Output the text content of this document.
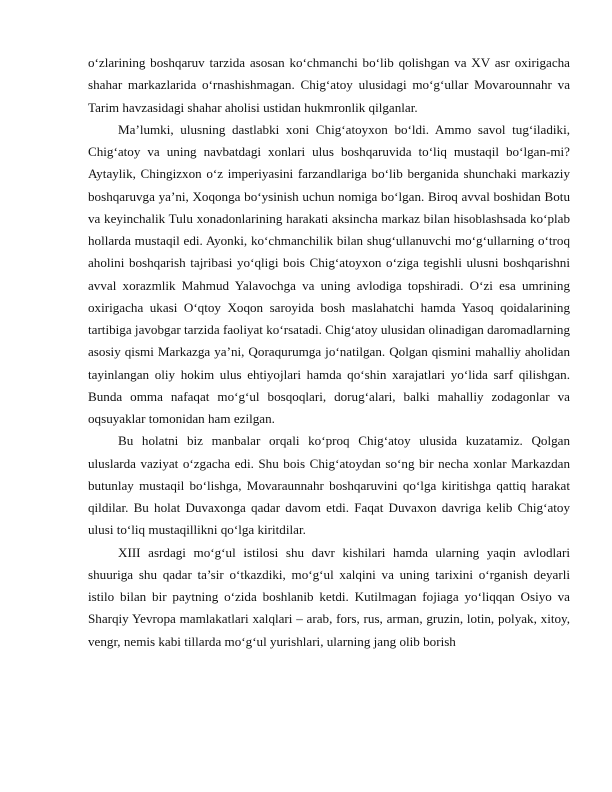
o‘zlarining boshqaruv tarzida asosan ko‘chmanchi bo‘lib qolishgan va XV asr oxirigacha shahar markazlarida o‘rnashishmagan. Chig‘atoy ulusidagi mo‘g‘ullar Movarounnahr va Tarim havzasidagi shahar aholisi ustidan hukmronlik qilganlar.

Ma’lumki, ulusning dastlabki xoni Chig‘atoyxon bo‘ldi. Ammo savol tug‘iladiki, Chig‘atoy va uning navbatdagi xonlari ulus boshqaruvida to‘liq mustaqil bo‘lgan-mi? Aytaylik, Chingizxon o‘z imperiyasini farzandlariga bo‘lib berganida shunchaki markaziy boshqaruvga ya’ni, Xoqonga bo‘ysinish uchun nomiga bo‘lgan. Biroq avval boshidan Botu va keyinchalik Tulu xonadonlarining harakati aksincha markaz bilan hisoblashsada ko‘plab hollarda mustaqil edi. Ayonki, ko‘chmanchilik bilan shug‘ullanuvchi mo‘g‘ullarning o‘troq aholini boshqarish tajribasi yo‘qligi bois Chig‘atoyxon o‘ziga tegishli ulusni boshqarishni avval xorazmlik Mahmud Yalavochga va uning avlodiga topshiradi. O‘zi esa umrining oxirigacha ukasi O‘qtoy Xoqon saroyida bosh maslahatchi hamda Yasoq qoidalarining tartibiga javobgar tarzida faoliyat ko‘rsatadi. Chig‘atoy ulusidan olinadigan daromadlarning asosiy qismi Markazga ya’ni, Qoraqurumga jo‘natilgan. Qolgan qismini mahalliy aholidan tayinlangan oliy hokim ulus ehtiyojlari hamda qo‘shin xarajatlari yo‘lida sarf qilishgan. Bunda omma nafaqat mo‘g‘ul bosqoqlari, dorug‘alari, balki mahalliy zodagonlar va oqsuyaklar tomonidan ham ezilgan.

Bu holatni biz manbalar orqali ko‘proq Chig‘atoy ulusida kuzatamiz. Qolgan uluslarda vaziyat o‘zgacha edi. Shu bois Chig‘atoydan so‘ng bir necha xonlar Markazdan butunlay mustaqil bo‘lishga, Movaraunnahr boshqaruvini qo‘lga kiritishga qattiq harakat qildilar. Bu holat Duvaxonga qadar davom etdi. Faqat Duvaxon davriga kelib Chig‘atoy ulusi to‘liq mustaqillikni qo‘lga kiritdilar.

XIII asrdagi mo‘g‘ul istilosi shu davr kishilari hamda ularning yaqin avlodlari shuuriga shu qadar ta’sir o‘tkazdiki, mo‘g‘ul xalqini va uning tarixini o‘rganish deyarli istilo bilan bir paytning o‘zida boshlanib ketdi. Kutilmagan fojiaga yo‘liqqan Osiyo va Sharqiy Yevropa mamlakatlari xalqlari – arab, fors, rus, arman, gruzin, lotin, polyak, xitoy, vengr, nemis kabi tillarda mo‘g‘ul yurishlari, ularning jang olib borish
